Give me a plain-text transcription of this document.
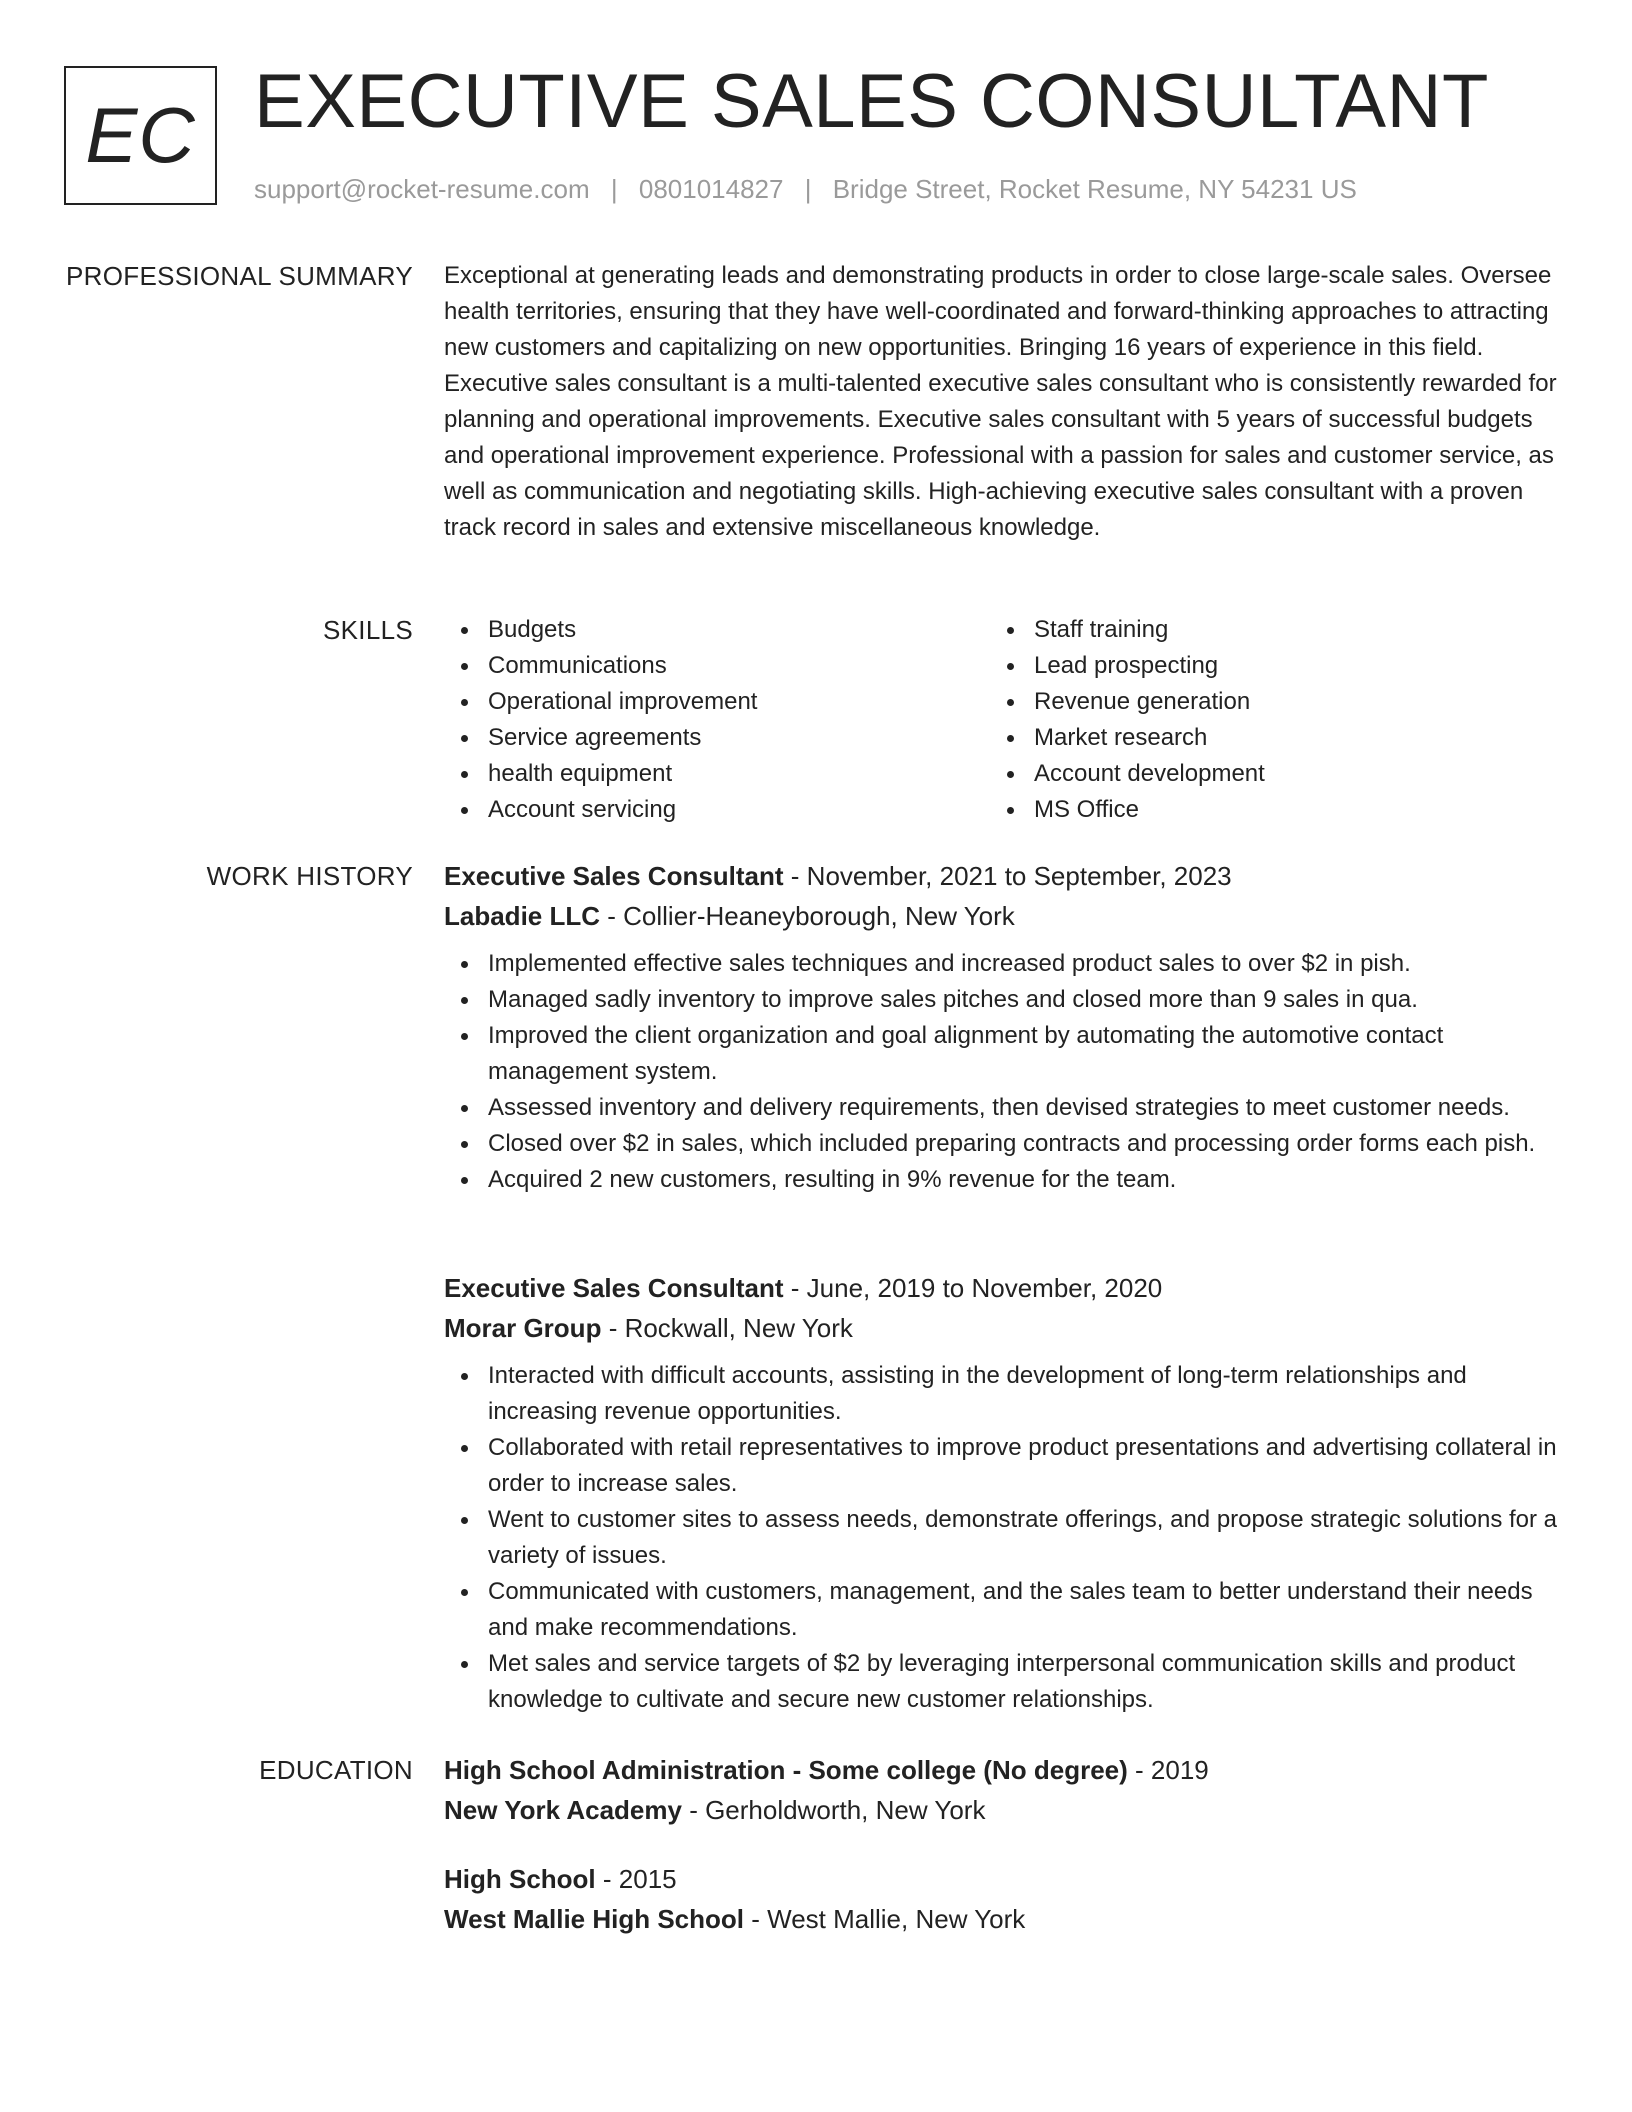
EC EXECUTIVE SALES CONSULTANT
support@rocket-resume.com | 0801014827 | Bridge Street, Rocket Resume, NY 54231 US
PROFESSIONAL SUMMARY Exceptional at generating leads and demonstrating products in order to close large-scale sales. Oversee health territories, ensuring that they have well-coordinated and forward-thinking approaches to attracting new customers and capitalizing on new opportunities. Bringing 16 years of experience in this field. Executive sales consultant is a multi-talented executive sales consultant who is consistently rewarded for planning and operational improvements. Executive sales consultant with 5 years of successful budgets and operational improvement experience. Professional with a passion for sales and customer service, as well as communication and negotiating skills. High-achieving executive sales consultant with a proven track record in sales and extensive miscellaneous knowledge.

SKILLS	Budgets
Communications
Operational improvement
Service agreements
health equipment
Account servicing
Staff training
Lead prospecting
Revenue generation
Market research
Account development
MS Office
WORK HISTORY Executive Sales Consultant - November, 2021 to September, 2023
Labadie LLC - Collier-Heaneyborough, New York
Implemented effective sales techniques and increased product sales to over $2 in pish.
Managed sadly inventory to improve sales pitches and closed more than 9 sales in qua.
Improved the client organization and goal alignment by automating the automotive contact management system.
Assessed inventory and delivery requirements, then devised strategies to meet customer needs.
Closed over $2 in sales, which included preparing contracts and processing order forms each pish.
Acquired 2 new customers, resulting in 9% revenue for the team.
Executive Sales Consultant - June, 2019 to November, 2020
Morar Group - Rockwall, New York
Interacted with difficult accounts, assisting in the development of long-term relationships and increasing revenue opportunities.
Collaborated with retail representatives to improve product presentations and advertising collateral in order to increase sales.
Went to customer sites to assess needs, demonstrate offerings, and propose strategic solutions for a variety of issues.
Communicated with customers, management, and the sales team to better understand their needs and make recommendations.
Met sales and service targets of $2 by leveraging interpersonal communication skills and product knowledge to cultivate and secure new customer relationships.
EDUCATION High School Administration - Some college (No degree) - 2019
New York Academy - Gerholdworth, New York
High School - 2015
West Mallie High School - West Mallie, New York
